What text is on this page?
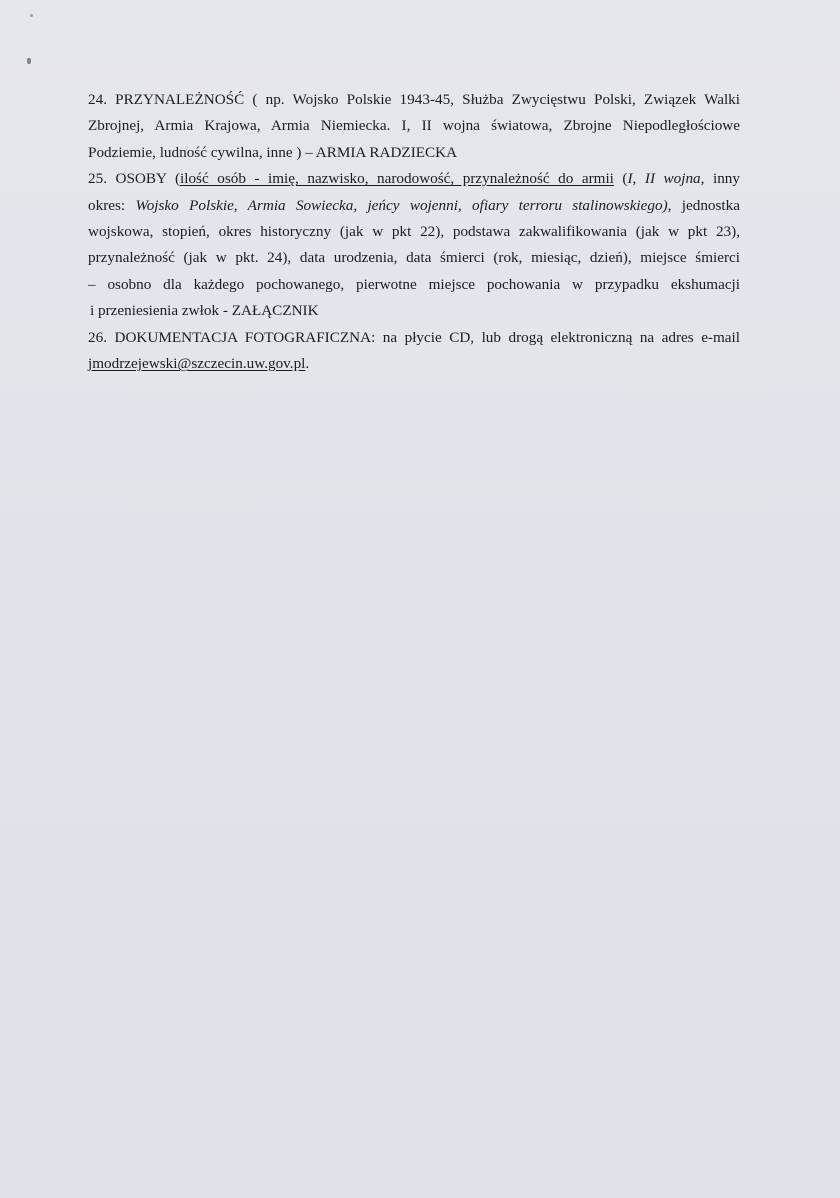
24. PRZYNALEŻNOŚĆ ( np. Wojsko Polskie 1943-45, Służba Zwycięstwu Polski, Związek Walki
Zbrojnej, Armia Krajowa, Armia Niemiecka. I, II wojna światowa, Zbrojne Niepodległościowe
Podziemie, ludność cywilna, inne ) – ARMIA RADZIECKA

25. OSOBY (ilość osób - imię, nazwisko, narodowość, przynależność do armii (I, II wojna, inny
okres: Wojsko Polskie, Armia Sowiecka, jeńcy wojenni, ofiary terroru stalinowskiego), jednostka
wojskowa, stopień, okres historyczny (jak w pkt 22), podstawa zakwalifikowania (jak w pkt 23),
przynależność (jak w pkt. 24), data urodzenia, data śmierci (rok, miesiąc, dzień), miejsce śmierci
– osobno dla każdego pochowanego, pierwotne miejsce pochowania w przypadku ekshumacji
i przeniesienia zwłok - ZAŁĄCZNIK

26. DOKUMENTACJA FOTOGRAFICZNA: na płycie CD, lub drogą elektroniczną na adres e-mail
jmodrzejewski@szczecin.uw.gov.pl.
